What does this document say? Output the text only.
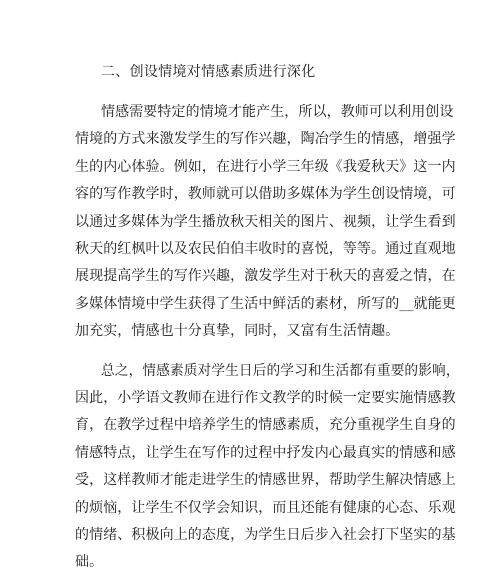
二、创设情境对情感素质进行深化

情感需要特定的情境才能产生，所以，教师可以利用创设

情境的方式来激发学生的写作兴趣，陶冶学生的情感，增强学

生的内心体验。例如，在进行小学三年级《我爱秋天》这一内

容的写作教学时，教师就可以借助多媒体为学生创设情境，可

以通过多媒体为学生播放秋天相关的图片、视频，让学生看到

秋天的红枫叶以及农民伯伯丰收时的喜悦，等等。通过直观地

展现提高学生的写作兴趣，激发学生对于秋天的喜爱之情，在

多媒体情境中学生获得了生活中鲜活的素材，所写的__就能更

加充实，情感也十分真挚，同时，又富有生活情趣。

总之，情感素质对学生日后的学习和生活都有重要的影响，

因此，小学语文教师在进行作文教学的时候一定要实施情感教

育，在教学过程中培养学生的情感素质，充分重视学生自身的

情感特点，让学生在写作的过程中抒发内心最真实的情感和感

受，这样教师才能走进学生的情感世界，帮助学生解决情感上

的烦恼，让学生不仅学会知识，而且还能有健康的心态、乐观

的情绪、积极向上的态度，为学生日后步入社会打下坚实的基

础。
